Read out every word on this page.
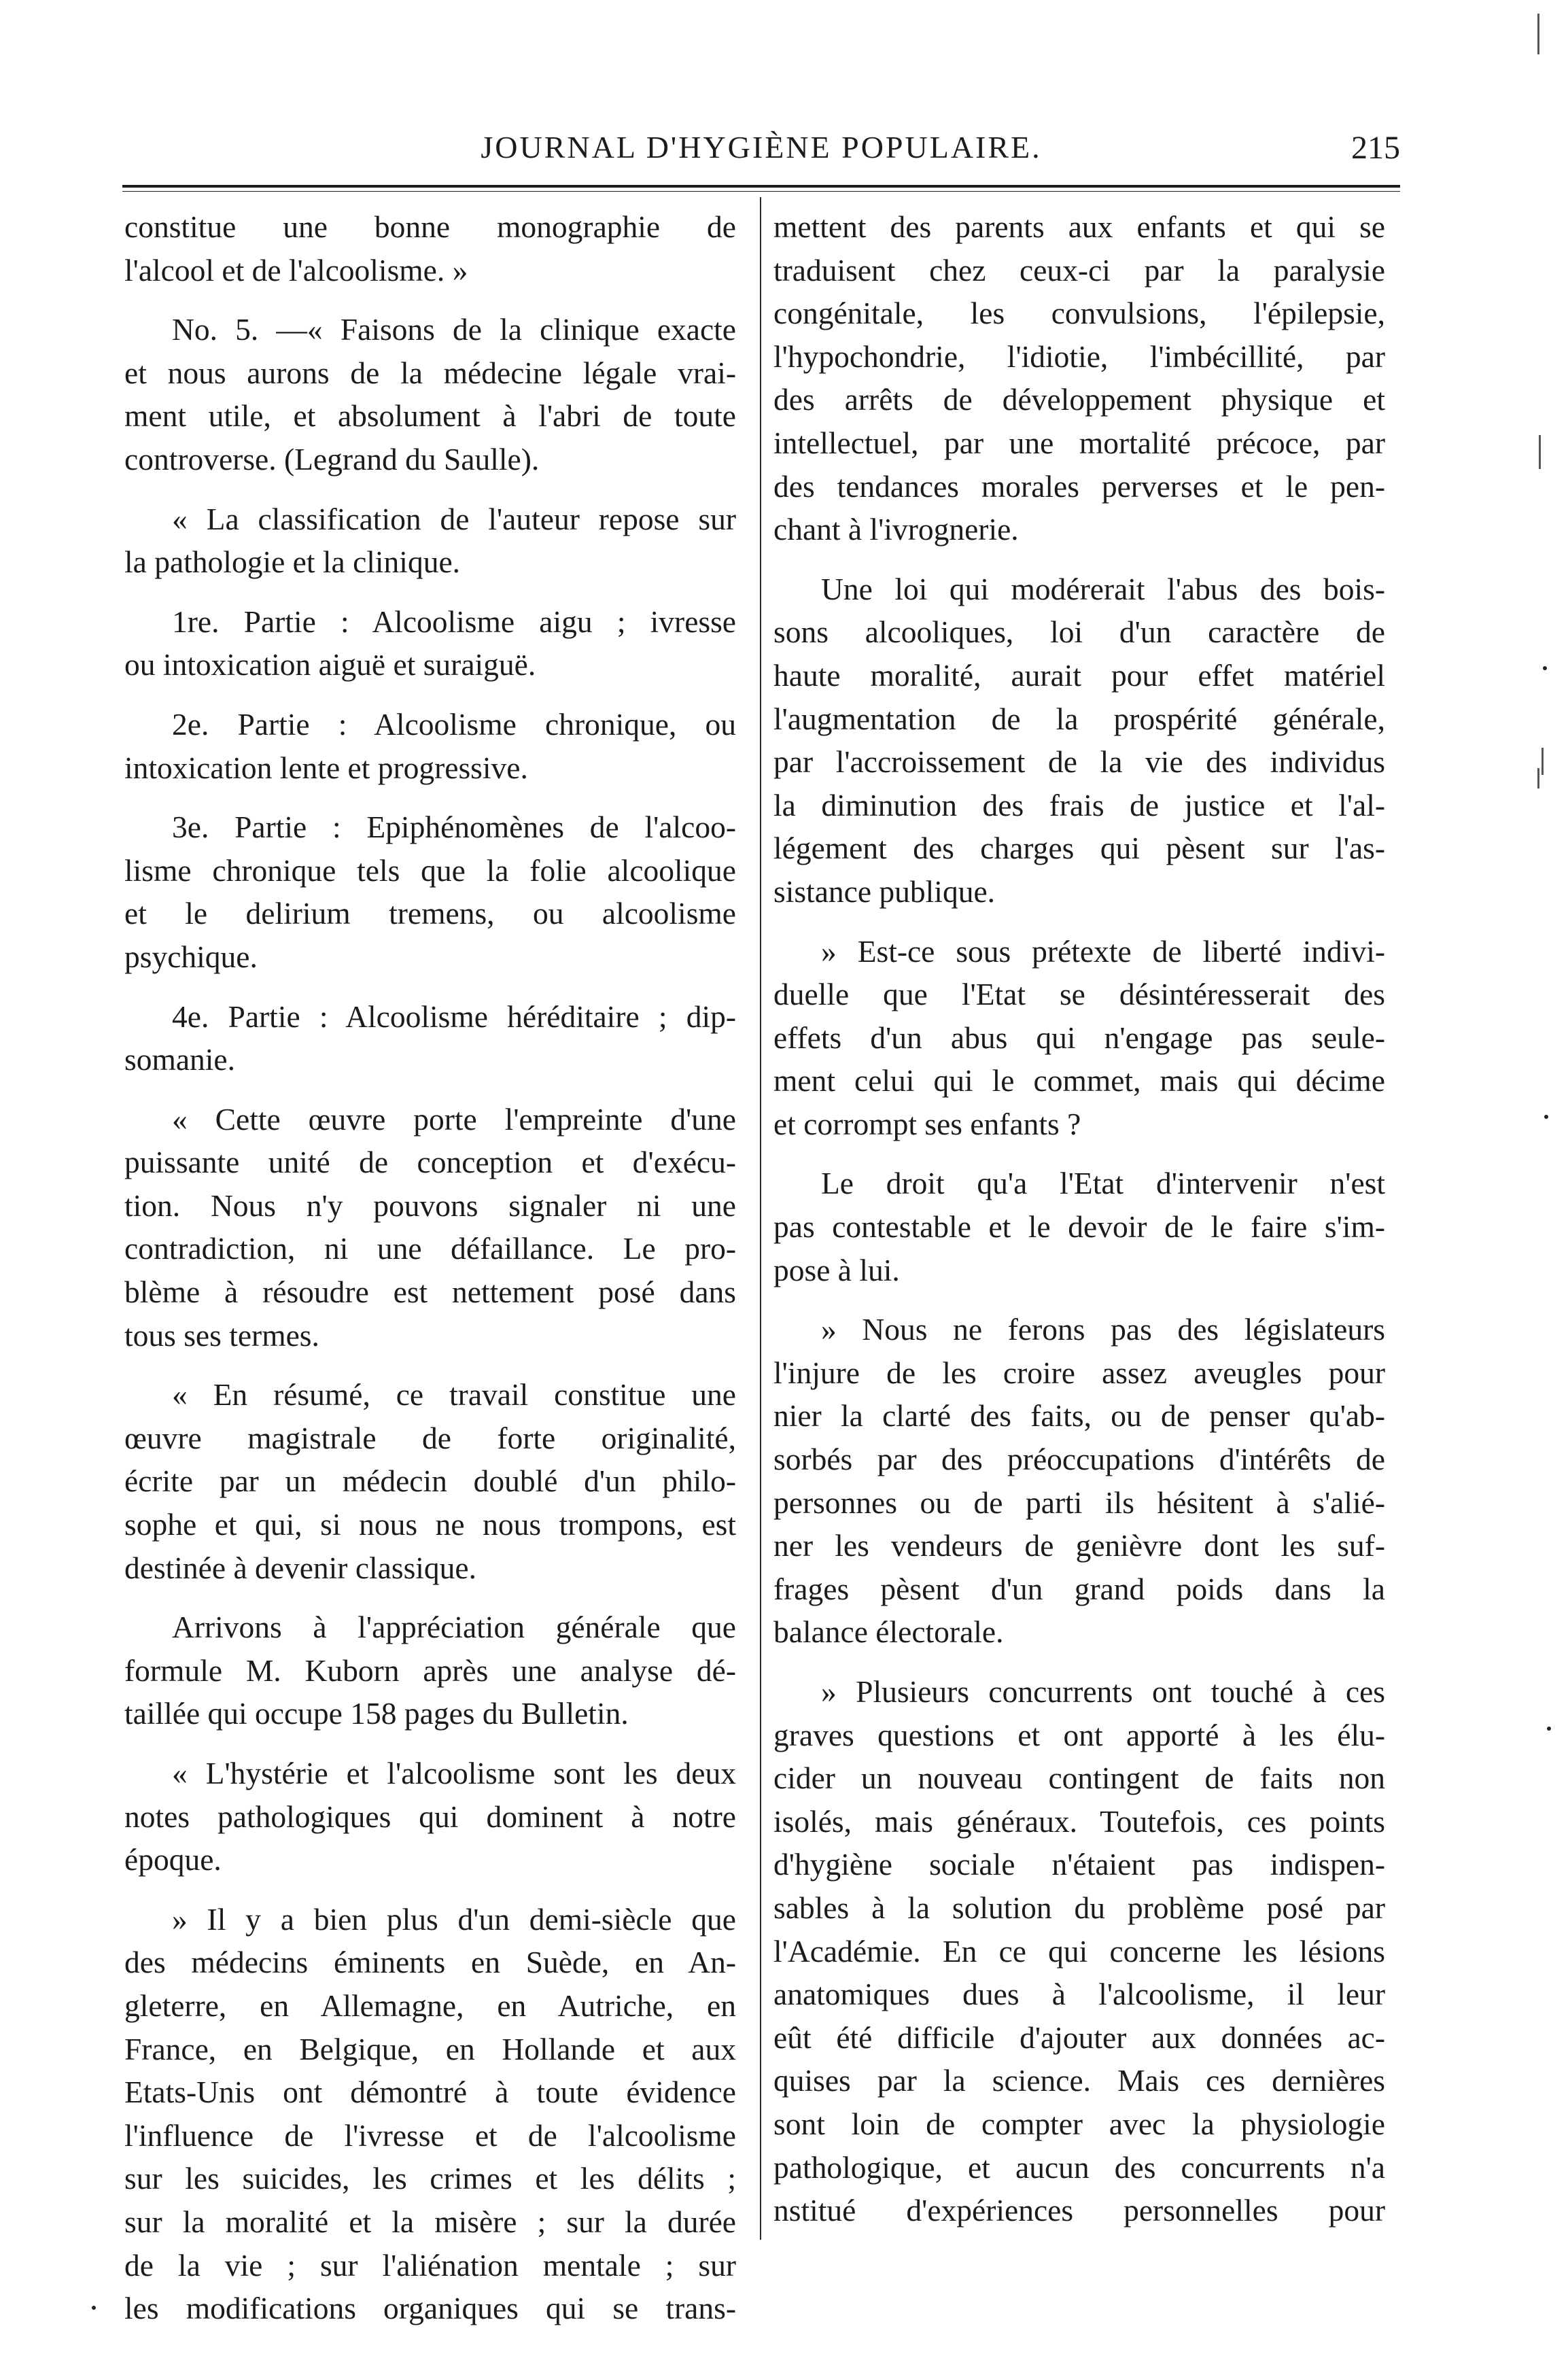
JOURNAL D'HYGIÈNE POPULAIRE.	215
constitue une bonne monographie de
l'alcool et de l'alcoolisme. »
No. 5. —« Faisons de la clinique exacte
et nous aurons de la médecine légale vrai-
ment utile, et absolument à l'abri de toute
controverse. (Legrand du Saulle).
« La classification de l'auteur repose sur
la pathologie et la clinique.
1re. Partie : Alcoolisme aigu ; ivresse
ou intoxication aiguë et suraiguë.
2e. Partie : Alcoolisme chronique, ou
intoxication lente et progressive.
3e. Partie : Epiphénomènes de l'alcoo-
lisme chronique tels que la folie alcoolique
et le delirium tremens, ou alcoolisme
psychique.
4e. Partie : Alcoolisme héréditaire ; dip-
somanie.
« Cette œuvre porte l'empreinte d'une
puissante unité de conception et d'exécu-
tion. Nous n'y pouvons signaler ni une
contradiction, ni une défaillance. Le pro-
blème à résoudre est nettement posé dans
tous ses termes.
« En résumé, ce travail constitue une
œuvre magistrale de forte originalité,
écrite par un médecin doublé d'un philo-
sophe et qui, si nous ne nous trompons, est
destinée à devenir classique.
Arrivons à l'appréciation générale que
formule M. Kuborn après une analyse dé-
taillée qui occupe 158 pages du Bulletin.
« L'hystérie et l'alcoolisme sont les deux
notes pathologiques qui dominent à notre
époque.
» Il y a bien plus d'un demi-siècle que
des médecins éminents en Suède, en An-
gleterre, en Allemagne, en Autriche, en
France, en Belgique, en Hollande et aux
Etats-Unis ont démontré à toute évidence
l'influence de l'ivresse et de l'alcoolisme
sur les suicides, les crimes et les délits ;
sur la moralité et la misère ; sur la durée
de la vie ; sur l'aliénation mentale ; sur
les modifications organiques qui se trans-
mettent des parents aux enfants et qui se
traduisent chez ceux-ci par la paralysie
congénitale, les convulsions, l'épilepsie,
l'hypochondrie, l'idiotie, l'imbécillité, par
des arrêts de développement physique et
intellectuel, par une mortalité précoce, par
des tendances morales perverses et le pen-
chant à l'ivrognerie.
Une loi qui modérerait l'abus des bois-
sons alcooliques, loi d'un caractère de
haute moralité, aurait pour effet matériel
l'augmentation de la prospérité générale,
par l'accroissement de la vie des individus
la diminution des frais de justice et l'al-
légement des charges qui pèsent sur l'as-
sistance publique.
» Est-ce sous prétexte de liberté indivi-
duelle que l'Etat se désintéresserait des
effets d'un abus qui n'engage pas seule-
ment celui qui le commet, mais qui décime
et corrompt ses enfants ?
Le droit qu'a l'Etat d'intervenir n'est
pas contestable et le devoir de le faire s'im-
pose à lui.
» Nous ne ferons pas des législateurs
l'injure de les croire assez aveugles pour
nier la clarté des faits, ou de penser qu'ab-
sorbés par des préoccupations d'intérêts de
personnes ou de parti ils hésitent à s'alié-
ner les vendeurs de genièvre dont les suf-
frages pèsent d'un grand poids dans la
balance électorale.
» Plusieurs concurrents ont touché à ces
graves questions et ont apporté à les élu-
cider un nouveau contingent de faits non
isolés, mais généraux. Toutefois, ces points
d'hygiène sociale n'étaient pas indispen-
sables à la solution du problème posé par
l'Académie. En ce qui concerne les lésions
anatomiques dues à l'alcoolisme, il leur
eût été difficile d'ajouter aux données ac-
quises par la science. Mais ces dernières
sont loin de compter avec la physiologie
pathologique, et aucun des concurrents n'a
nstitué d'expériences personnelles pour
